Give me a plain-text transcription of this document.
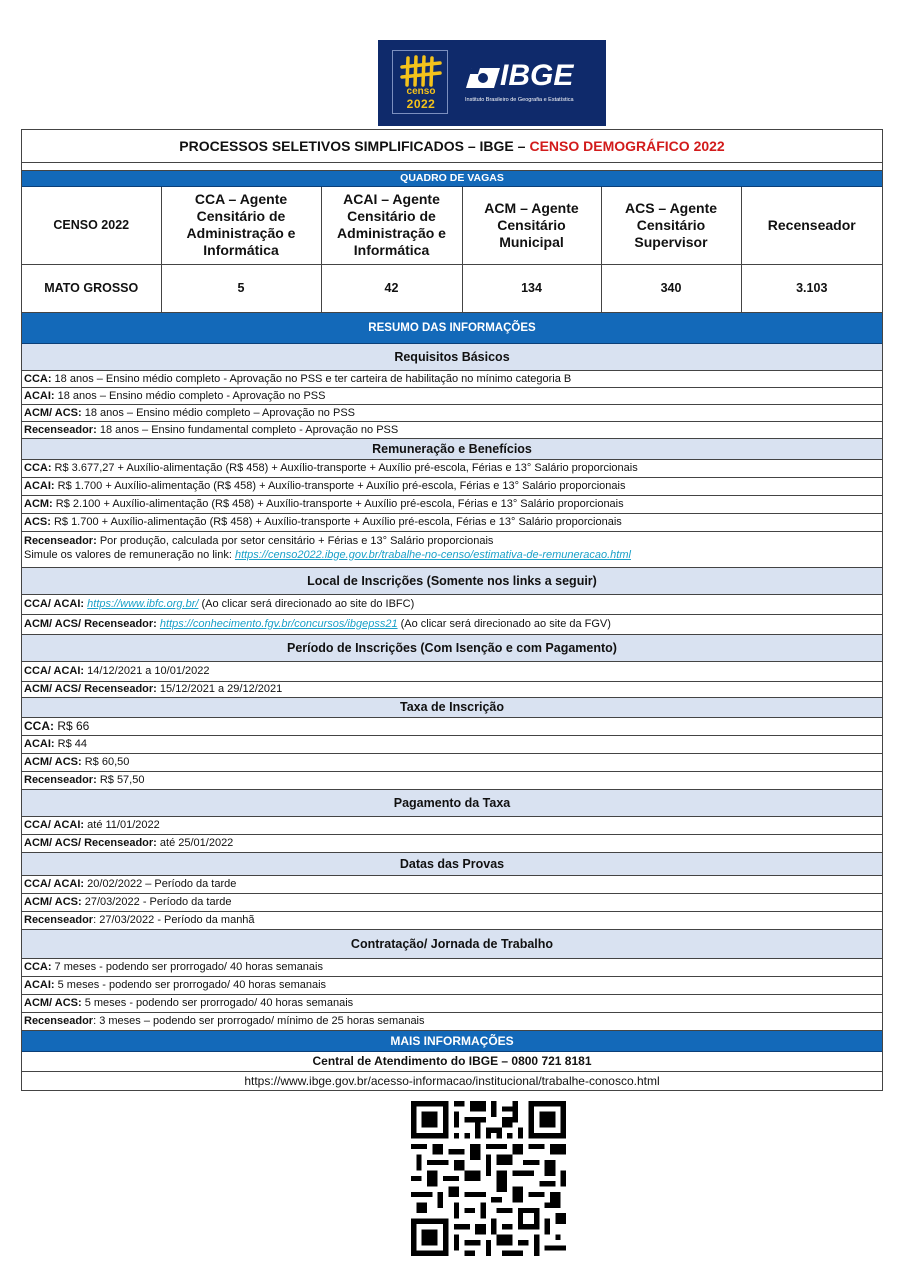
censo
2022
IBGE
Instituto Brasileiro de Geografia e Estatística
PROCESSOS SELETIVOS SIMPLIFICADOS – IBGE – CENSO DEMOGRÁFICO 2022
QUADRO DE VAGAS
CENSO 2022	CCA – Agente Censitário de Administração e Informática	ACAI – Agente Censitário de Administração e Informática	ACM – Agente Censitário Municipal	ACS – Agente Censitário Supervisor	Recenseador
MATO GROSSO	5	42	134	340	3.103
RESUMO DAS INFORMAÇÕES
Requisitos Básicos
CCA: 18 anos – Ensino médio completo - Aprovação no PSS e ter carteira de habilitação no mínimo categoria B
ACAI: 18 anos – Ensino médio completo - Aprovação no PSS
ACM/ ACS: 18 anos – Ensino médio completo – Aprovação no PSS
Recenseador: 18 anos – Ensino fundamental completo - Aprovação no PSS
Remuneração e Benefícios
CCA: R$ 3.677,27 + Auxílio-alimentação (R$ 458) + Auxílio-transporte + Auxílio pré-escola, Férias e 13° Salário proporcionais
ACAI: R$ 1.700 + Auxílio-alimentação (R$ 458) + Auxílio-transporte + Auxílio pré-escola, Férias e 13° Salário proporcionais
ACM: R$ 2.100 + Auxílio-alimentação (R$ 458) + Auxílio-transporte + Auxílio pré-escola, Férias e 13° Salário proporcionais
ACS: R$ 1.700 + Auxílio-alimentação (R$ 458) + Auxílio-transporte + Auxílio pré-escola, Férias e 13° Salário proporcionais
Recenseador: Por produção, calculada por setor censitário + Férias e 13° Salário proporcionais
Simule os valores de remuneração no link: https://censo2022.ibge.gov.br/trabalhe-no-censo/estimativa-de-remuneracao.html
Local de Inscrições (Somente nos links a seguir)
CCA/ ACAI: https://www.ibfc.org.br/ (Ao clicar será direcionado ao site do IBFC)
ACM/ ACS/ Recenseador: https://conhecimento.fgv.br/concursos/ibgepss21 (Ao clicar será direcionado ao site da FGV)
Período de Inscrições (Com Isenção e com Pagamento)
CCA/ ACAI: 14/12/2021 a 10/01/2022
ACM/ ACS/ Recenseador: 15/12/2021 a 29/12/2021
Taxa de Inscrição
CCA: R$ 66
ACAI: R$ 44
ACM/ ACS: R$ 60,50
Recenseador: R$ 57,50
Pagamento da Taxa
CCA/ ACAI: até 11/01/2022
ACM/ ACS/ Recenseador: até 25/01/2022
Datas das Provas
CCA/ ACAI: 20/02/2022 – Período da tarde
ACM/ ACS: 27/03/2022 - Período da tarde
Recenseador: 27/03/2022 - Período da manhã
Contratação/ Jornada de Trabalho
CCA: 7 meses - podendo ser prorrogado/ 40 horas semanais
ACAI: 5 meses - podendo ser prorrogado/ 40 horas semanais
ACM/ ACS: 5 meses - podendo ser prorrogado/ 40 horas semanais
Recenseador: 3 meses – podendo ser prorrogado/ mínimo de 25 horas semanais
MAIS INFORMAÇÕES
Central de Atendimento do IBGE – 0800 721 8181
https://www.ibge.gov.br/acesso-informacao/institucional/trabalhe-conosco.html
